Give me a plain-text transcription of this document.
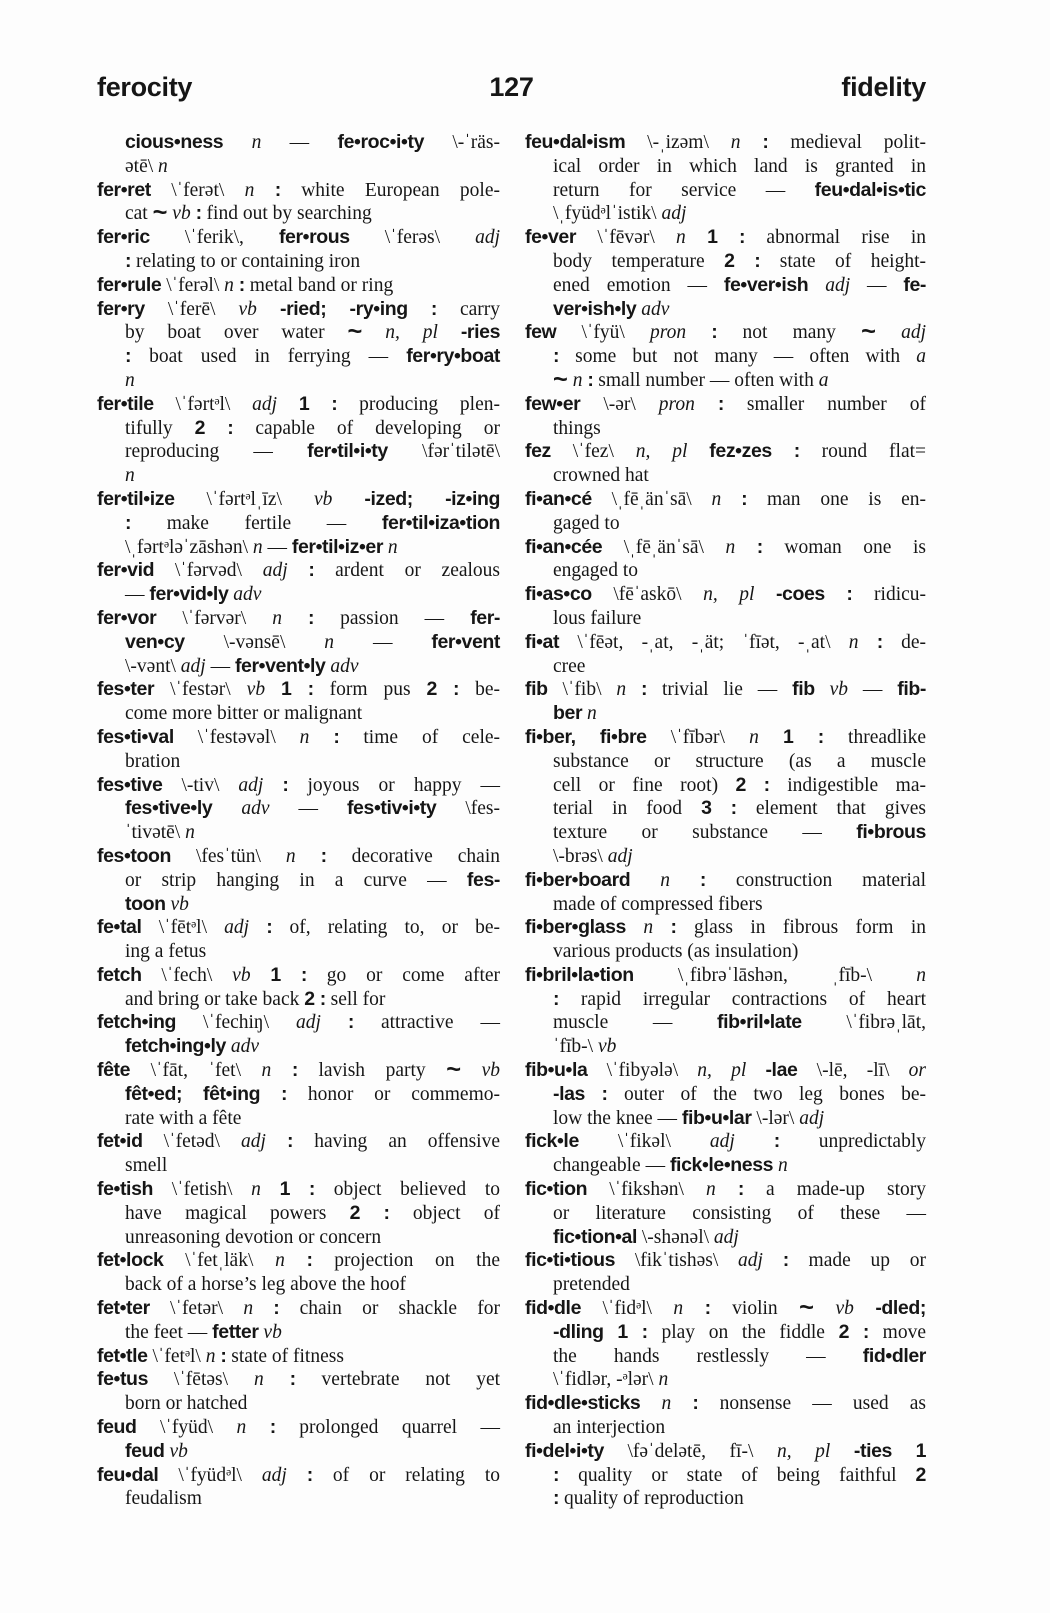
ferocity	127	fidelity
cious•ness n — fe•roc•i•ty \-ˈräs-
ətē\ n
fer•ret \ˈferət\ n : white European pole-
cat ~ vb : find out by searching
fer•ric \ˈferik\, fer•rous \ˈferəs\ adj
: relating to or containing iron
fer•rule \ˈferəl\ n : metal band or ring
fer•ry \ˈferē\ vb -ried; -ry•ing : carry
by boat over water ~ n, pl -ries
: boat used in ferrying — fer•ry•boat
n
fer•tile \ˈfərtᵊl\ adj 1 : producing plen-
tifully 2 : capable of developing or
reproducing — fer•til•i•ty \fərˈtilətē\
n
fer•til•ize \ˈfərtᵊlˌīz\ vb -ized; -iz•ing
: make fertile — fer•til•iza•tion
\ˌfərtᵊləˈzāshən\ n — fer•til•iz•er n
fer•vid \ˈfərvəd\ adj : ardent or zealous
— fer•vid•ly adv
fer•vor \ˈfərvər\ n : passion — fer-
ven•cy \-vənsē\ n — fer•vent
\-vənt\ adj — fer•vent•ly adv
fes•ter \ˈfestər\ vb 1 : form pus 2 : be-
come more bitter or malignant
fes•ti•val \ˈfestəvəl\ n : time of cele-
bration
fes•tive \-tiv\ adj : joyous or happy —
fes•tive•ly adv — fes•tiv•i•ty \fes-
ˈtivətē\ n
fes•toon \fesˈtün\ n : decorative chain
or strip hanging in a curve — fes-
toon vb
fe•tal \ˈfētᵊl\ adj : of, relating to, or be-
ing a fetus
fetch \ˈfech\ vb 1 : go or come after
and bring or take back 2 : sell for
fetch•ing \ˈfechiŋ\ adj : attractive —
fetch•ing•ly adv
fête \ˈfāt, ˈfet\ n : lavish party ~ vb
fêt•ed; fêt•ing : honor or commemo-
rate with a fête
fet•id \ˈfetəd\ adj : having an offensive
smell
fe•tish \ˈfetish\ n 1 : object believed to
have magical powers 2 : object of
unreasoning devotion or concern
fet•lock \ˈfetˌläk\ n : projection on the
back of a horse’s leg above the hoof
fet•ter \ˈfetər\ n : chain or shackle for
the feet — fetter vb
fet•tle \ˈfetᵊl\ n : state of fitness
fe•tus \ˈfētəs\ n : vertebrate not yet
born or hatched
feud \ˈfyüd\ n : prolonged quarrel —
feud vb
feu•dal \ˈfyüdᵊl\ adj : of or relating to
feudalism
feu•dal•ism \-ˌizəm\ n : medieval polit-
ical order in which land is granted in
return for service — feu•dal•is•tic
\ˌfyüdᵊlˈistik\ adj
fe•ver \ˈfēvər\ n 1 : abnormal rise in
body temperature 2 : state of height-
ened emotion — fe•ver•ish adj — fe-
ver•ish•ly adv
few \ˈfyü\ pron : not many ~ adj
: some but not many — often with a
~ n : small number — often with a
few•er \-ər\ pron : smaller number of
things
fez \ˈfez\ n, pl fez•zes : round flat=
crowned hat
fi•an•cé \ˌfēˌänˈsā\ n : man one is en-
gaged to
fi•an•cée \ˌfēˌänˈsā\ n : woman one is
engaged to
fi•as•co \fēˈaskō\ n, pl -coes : ridicu-
lous failure
fi•at \ˈfēət, -ˌat, -ˌät; ˈfīət, -ˌat\ n : de-
cree
fib \ˈfib\ n : trivial lie — fib vb — fib-
ber n
fi•ber, fi•bre \ˈfībər\ n 1 : threadlike
substance or structure (as a muscle
cell or fine root) 2 : indigestible ma-
terial in food 3 : element that gives
texture or substance — fi•brous
\-brəs\ adj
fi•ber•board n : construction material
made of compressed fibers
fi•ber•glass n : glass in fibrous form in
various products (as insulation)
fi•bril•la•tion \ˌfibrəˈlāshən, ˌfīb-\ n
: rapid irregular contractions of heart
muscle — fib•ril•late \ˈfibrəˌlāt,
ˈfīb-\ vb
fib•u•la \ˈfibyələ\ n, pl -lae \-lē, -lī\ or
-las : outer of the two leg bones be-
low the knee — fib•u•lar \-lər\ adj
fick•le \ˈfikəl\ adj : unpredictably
changeable — fick•le•ness n
fic•tion \ˈfikshən\ n : a made-up story
or literature consisting of these —
fic•tion•al \-shənəl\ adj
fic•ti•tious \fikˈtishəs\ adj : made up or
pretended
fid•dle \ˈfidᵊl\ n : violin ~ vb -dled;
-dling 1 : play on the fiddle 2 : move
the hands restlessly — fid•dler
\ˈfidlər, -ᵊlər\ n
fid•dle•sticks n : nonsense — used as
an interjection
fi•del•i•ty \fəˈdelətē, fī-\ n, pl -ties 1
: quality or state of being faithful 2
: quality of reproduction
